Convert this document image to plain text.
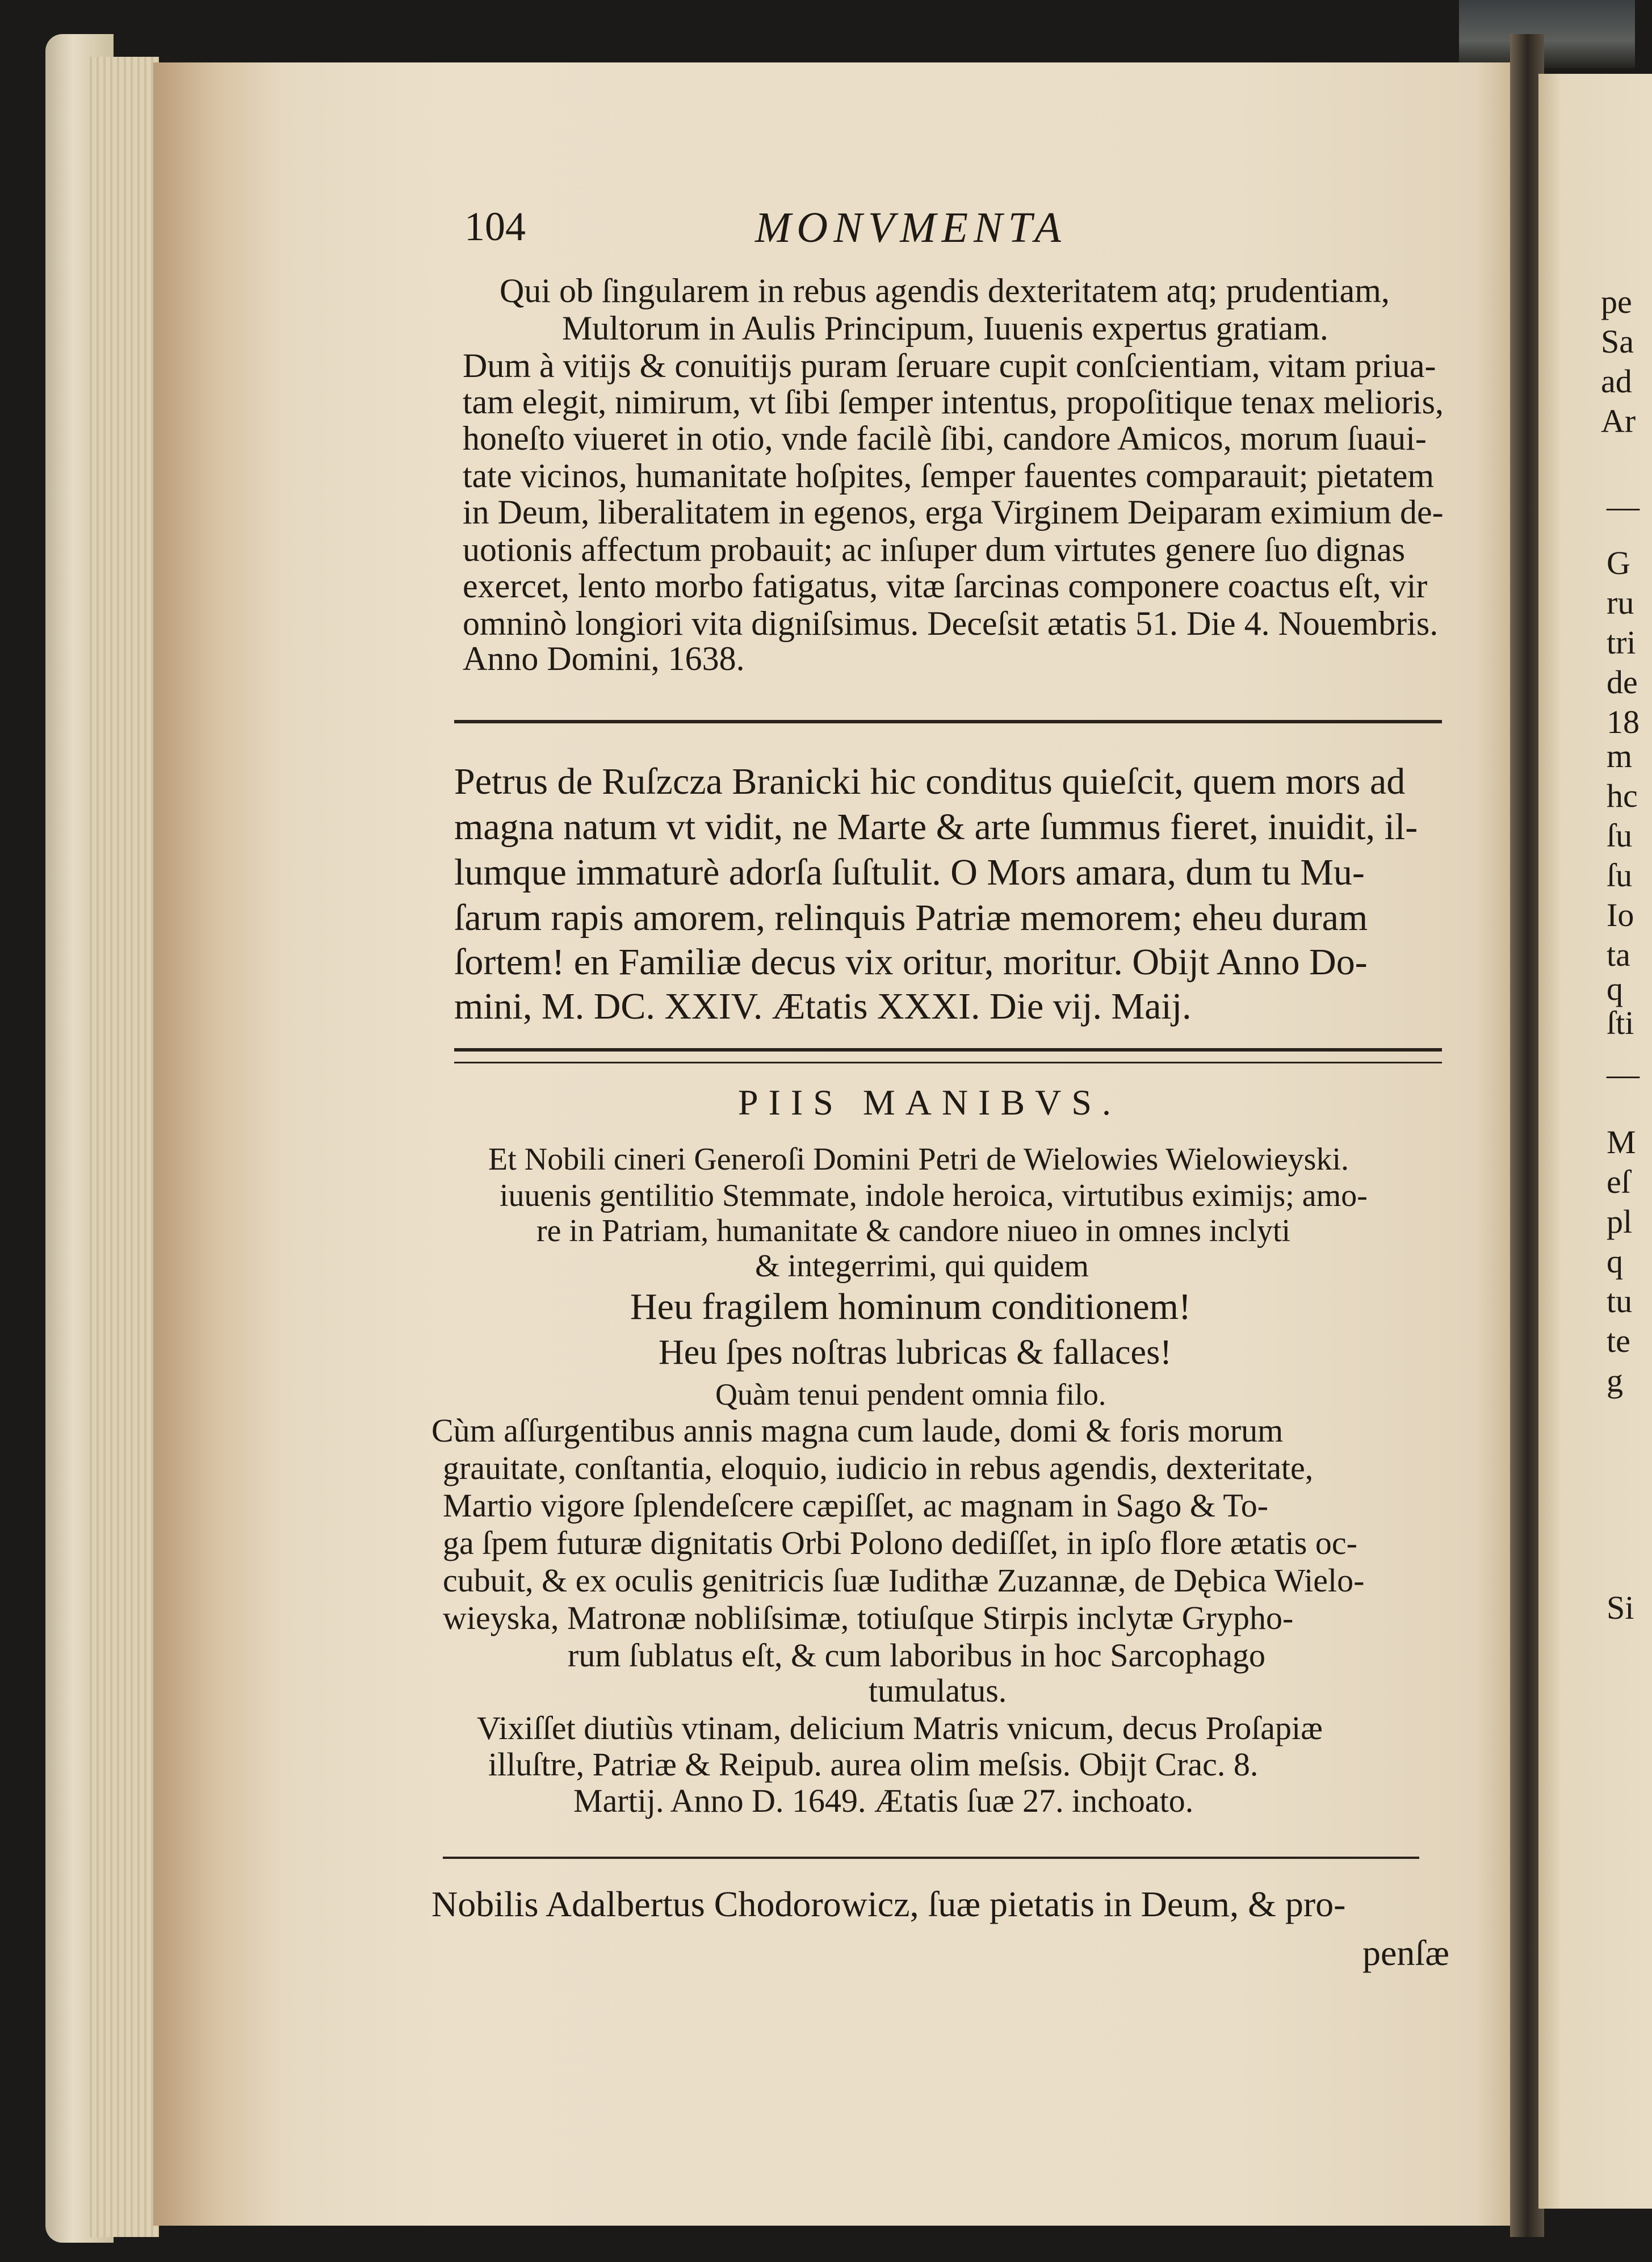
104	MONVMENTA
Qui ob ſingularem in rebus agendis dexteritatem atq; prudentiam,
Multorum in Aulis Principum, Iuuenis expertus gratiam.
Dum à vitijs & conuitijs puram ſeruare cupit conſcientiam, vitam priua-
tam elegit, nimirum, vt ſibi ſemper intentus, propoſitique tenax melioris,
honeſto viueret in otio, vnde facilè ſibi, candore Amicos, morum ſuaui-
tate vicinos, humanitate hoſpites, ſemper fauentes comparauit; pietatem
in Deum, liberalitatem in egenos, erga Virginem Deiparam eximium de-
uotionis affectum probauit; ac inſuper dum virtutes genere ſuo dignas
exercet, lento morbo fatigatus, vitæ ſarcinas componere coactus eſt, vir
omninò longiori vita digniſsimus. Deceſsit ætatis 51. Die 4. Nouembris.
Anno Domini, 1638.
Petrus de Ruſzcza Branicki hic conditus quieſcit, quem mors ad
magna natum vt vidit, ne Marte & arte ſummus fieret, inuidit, il-
lumque immaturè adorſa ſuſtulit. O Mors amara, dum tu Mu-
ſarum rapis amorem, relinquis Patriæ memorem; eheu duram
ſortem! en Familiæ decus vix oritur, moritur. Obijt Anno Do-
mini, M. DC. XXIV. Ætatis XXXI. Die vij. Maij.
PIIS MANIBVS.
Et Nobili cineri Generoſi Domini Petri de Wielowies Wielowieyski.
iuuenis gentilitio Stemmate, indole heroica, virtutibus eximijs; amo-
re in Patriam, humanitate & candore niueo in omnes inclyti
& integerrimi, qui quidem
Heu fragilem hominum conditionem!
Heu ſpes noſtras lubricas & fallaces!
Quàm tenui pendent omnia filo.
Cùm aſſurgentibus annis magna cum laude, domi & foris morum
grauitate, conſtantia, eloquio, iudicio in rebus agendis, dexteritate,
Martio vigore ſplendeſcere cæpiſſet, ac magnam in Sago & To-
ga ſpem futuræ dignitatis Orbi Polono dediſſet, in ipſo flore ætatis oc-
cubuit, & ex oculis genitricis ſuæ Iudithæ Zuzannæ, de Dębica Wielo-
wieyska, Matronæ nobliſsimæ, totiuſque Stirpis inclytæ Grypho-
rum ſublatus eſt, & cum laboribus in hoc Sarcophago
tumulatus.
Vixiſſet diutiùs vtinam, delicium Matris vnicum, decus Proſapiæ
illuſtre, Patriæ & Reipub. aurea olim meſsis. Obijt Crac. 8.
Martij. Anno D. 1649. Ætatis ſuæ 27. inchoato.
Nobilis Adalbertus Chodorowicz, ſuæ pietatis in Deum, & pro-
penſæ
pe
Sa
ad
Ar
—
G
ru
tri
de
18
m
hc
ſu
ſu
Io
ta
q
ſti
—
M
eſ
pl
q
tu
te
g
Si
